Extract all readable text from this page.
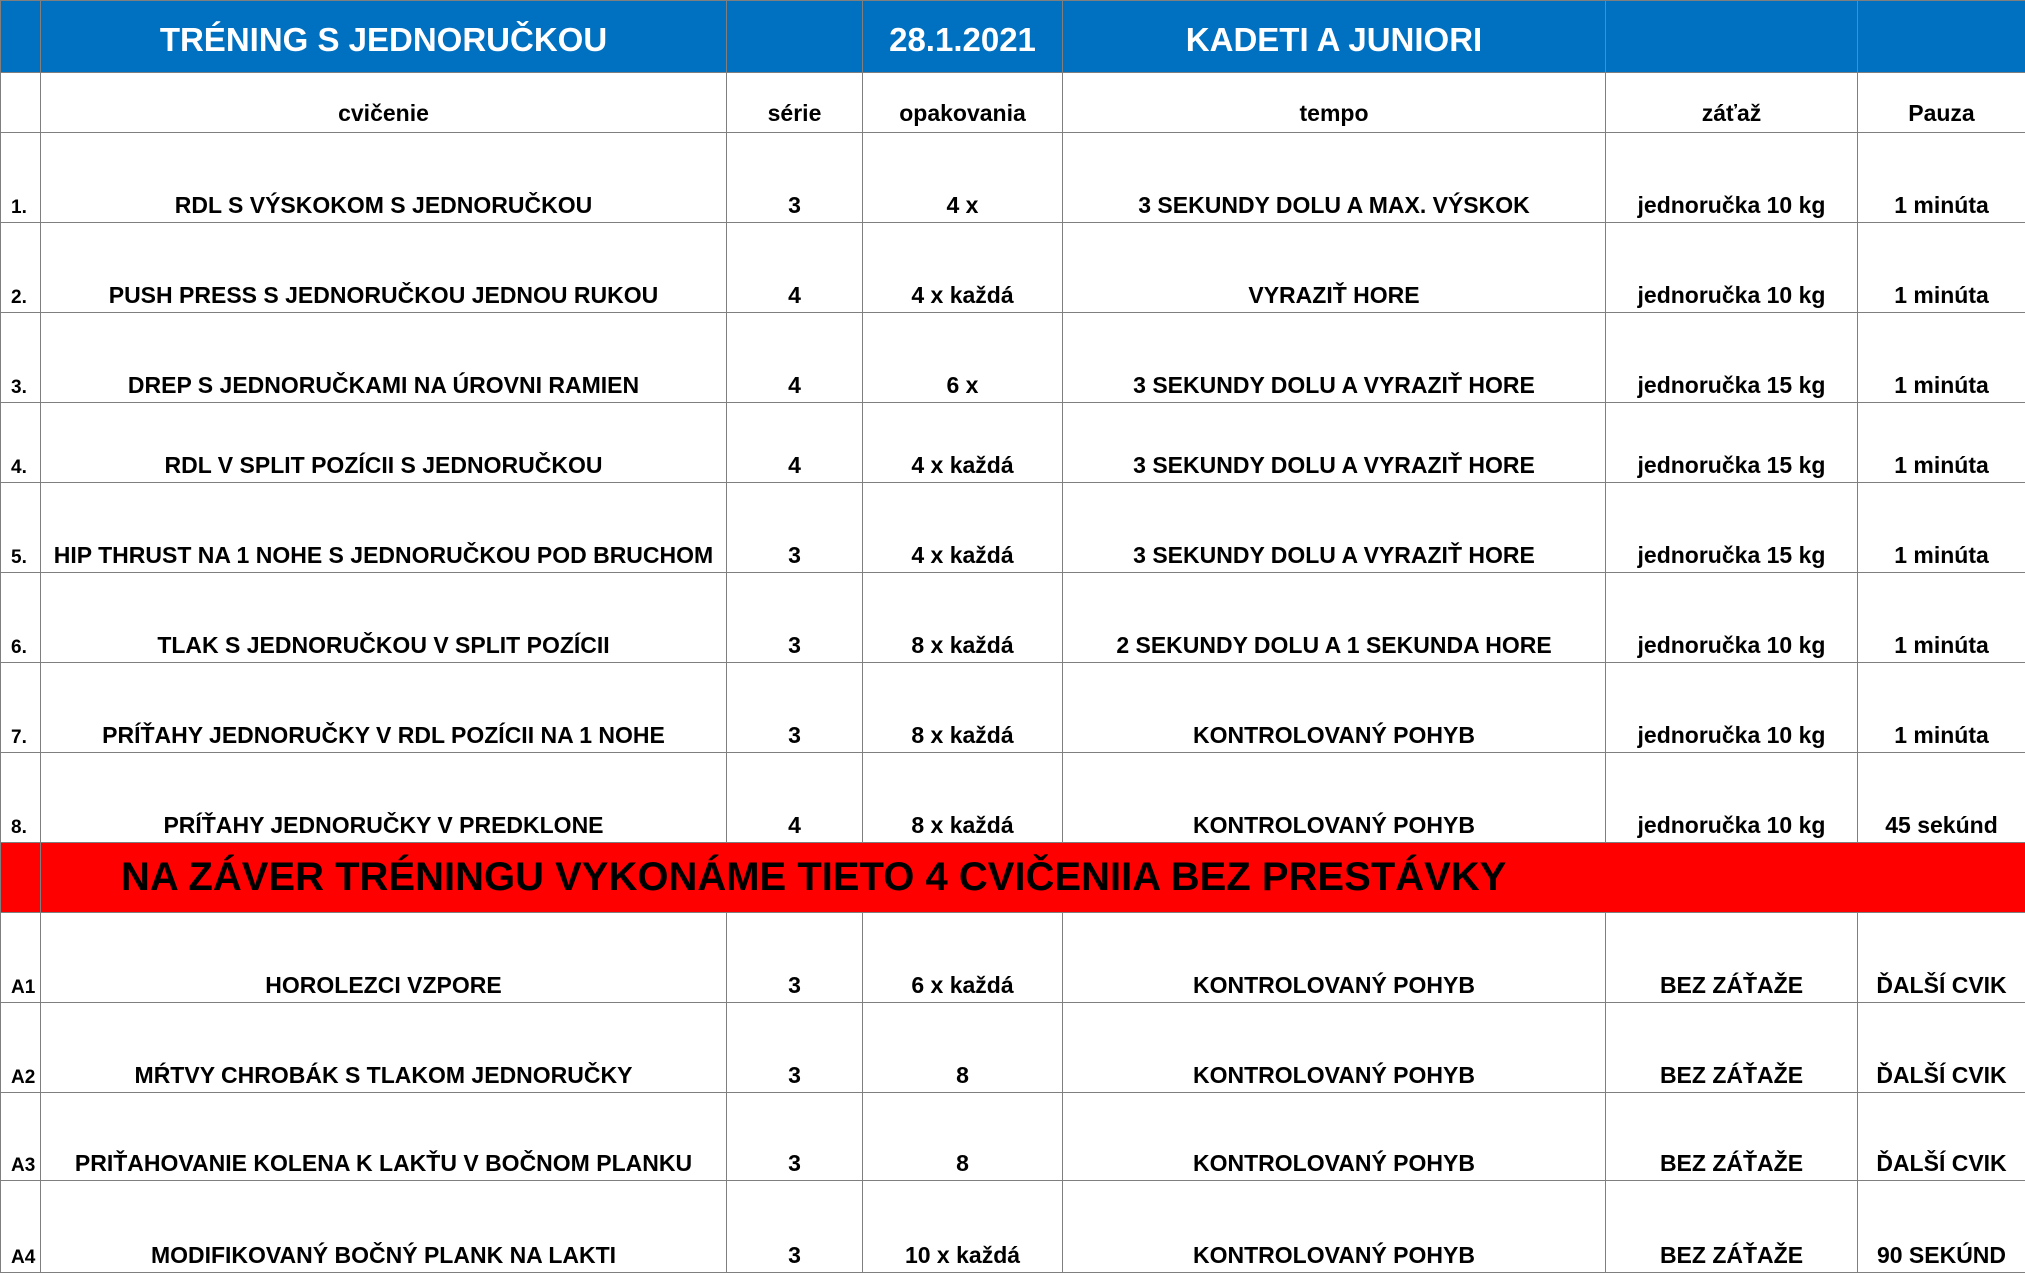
	TRÉNING S JEDNORUČKOU		28.1.2021	KADETI A JUNIORI		
	cvičenie	série	opakovania	tempo	záťaž	Pauza
1.	RDL S VÝSKOKOM S JEDNORUČKOU	3	4 x	3 SEKUNDY DOLU A MAX. VÝSKOK	jednoručka 10 kg	1 minúta
2.	PUSH PRESS S JEDNORUČKOU JEDNOU RUKOU	4	4 x každá	VYRAZIŤ HORE	jednoručka 10 kg	1 minúta
3.	DREP S JEDNORUČKAMI NA ÚROVNI RAMIEN	4	6 x	3 SEKUNDY DOLU A VYRAZIŤ HORE	jednoručka 15 kg	1 minúta
4.	RDL V SPLIT POZÍCII S JEDNORUČKOU	4	4 x každá	3 SEKUNDY DOLU A VYRAZIŤ HORE	jednoručka 15 kg	1 minúta
5.	HIP THRUST NA 1 NOHE S JEDNORUČKOU POD BRUCHOM	3	4 x každá	3 SEKUNDY DOLU A VYRAZIŤ HORE	jednoručka 15 kg	1 minúta
6.	TLAK S JEDNORUČKOU V SPLIT POZÍCII	3	8 x každá	2 SEKUNDY DOLU A 1 SEKUNDA HORE	jednoručka 10 kg	1 minúta
7.	PRÍŤAHY JEDNORUČKY V RDL POZÍCII NA 1 NOHE	3	8 x každá	KONTROLOVANÝ POHYB	jednoručka 10 kg	1 minúta
8.	PRÍŤAHY JEDNORUČKY V PREDKLONE	4	8 x každá	KONTROLOVANÝ POHYB	jednoručka 10 kg	45 sekúnd
	NA ZÁVER TRÉNINGU VYKONÁME TIETO 4 CVIČENIIA BEZ PRESTÁVKY					
A1	HOROLEZCI VZPORE	3	6 x každá	KONTROLOVANÝ POHYB	BEZ ZÁŤAŽE	ĎALŠÍ CVIK
A2	MŔTVY CHROBÁK S TLAKOM JEDNORUČKY	3	8	KONTROLOVANÝ POHYB	BEZ ZÁŤAŽE	ĎALŠÍ CVIK
A3	PRIŤAHOVANIE KOLENA K LAKŤU V BOČNOM PLANKU	3	8	KONTROLOVANÝ POHYB	BEZ ZÁŤAŽE	ĎALŠÍ CVIK
A4	MODIFIKOVANÝ BOČNÝ PLANK NA LAKTI	3	10 x každá	KONTROLOVANÝ POHYB	BEZ ZÁŤAŽE	90 SEKÚND
